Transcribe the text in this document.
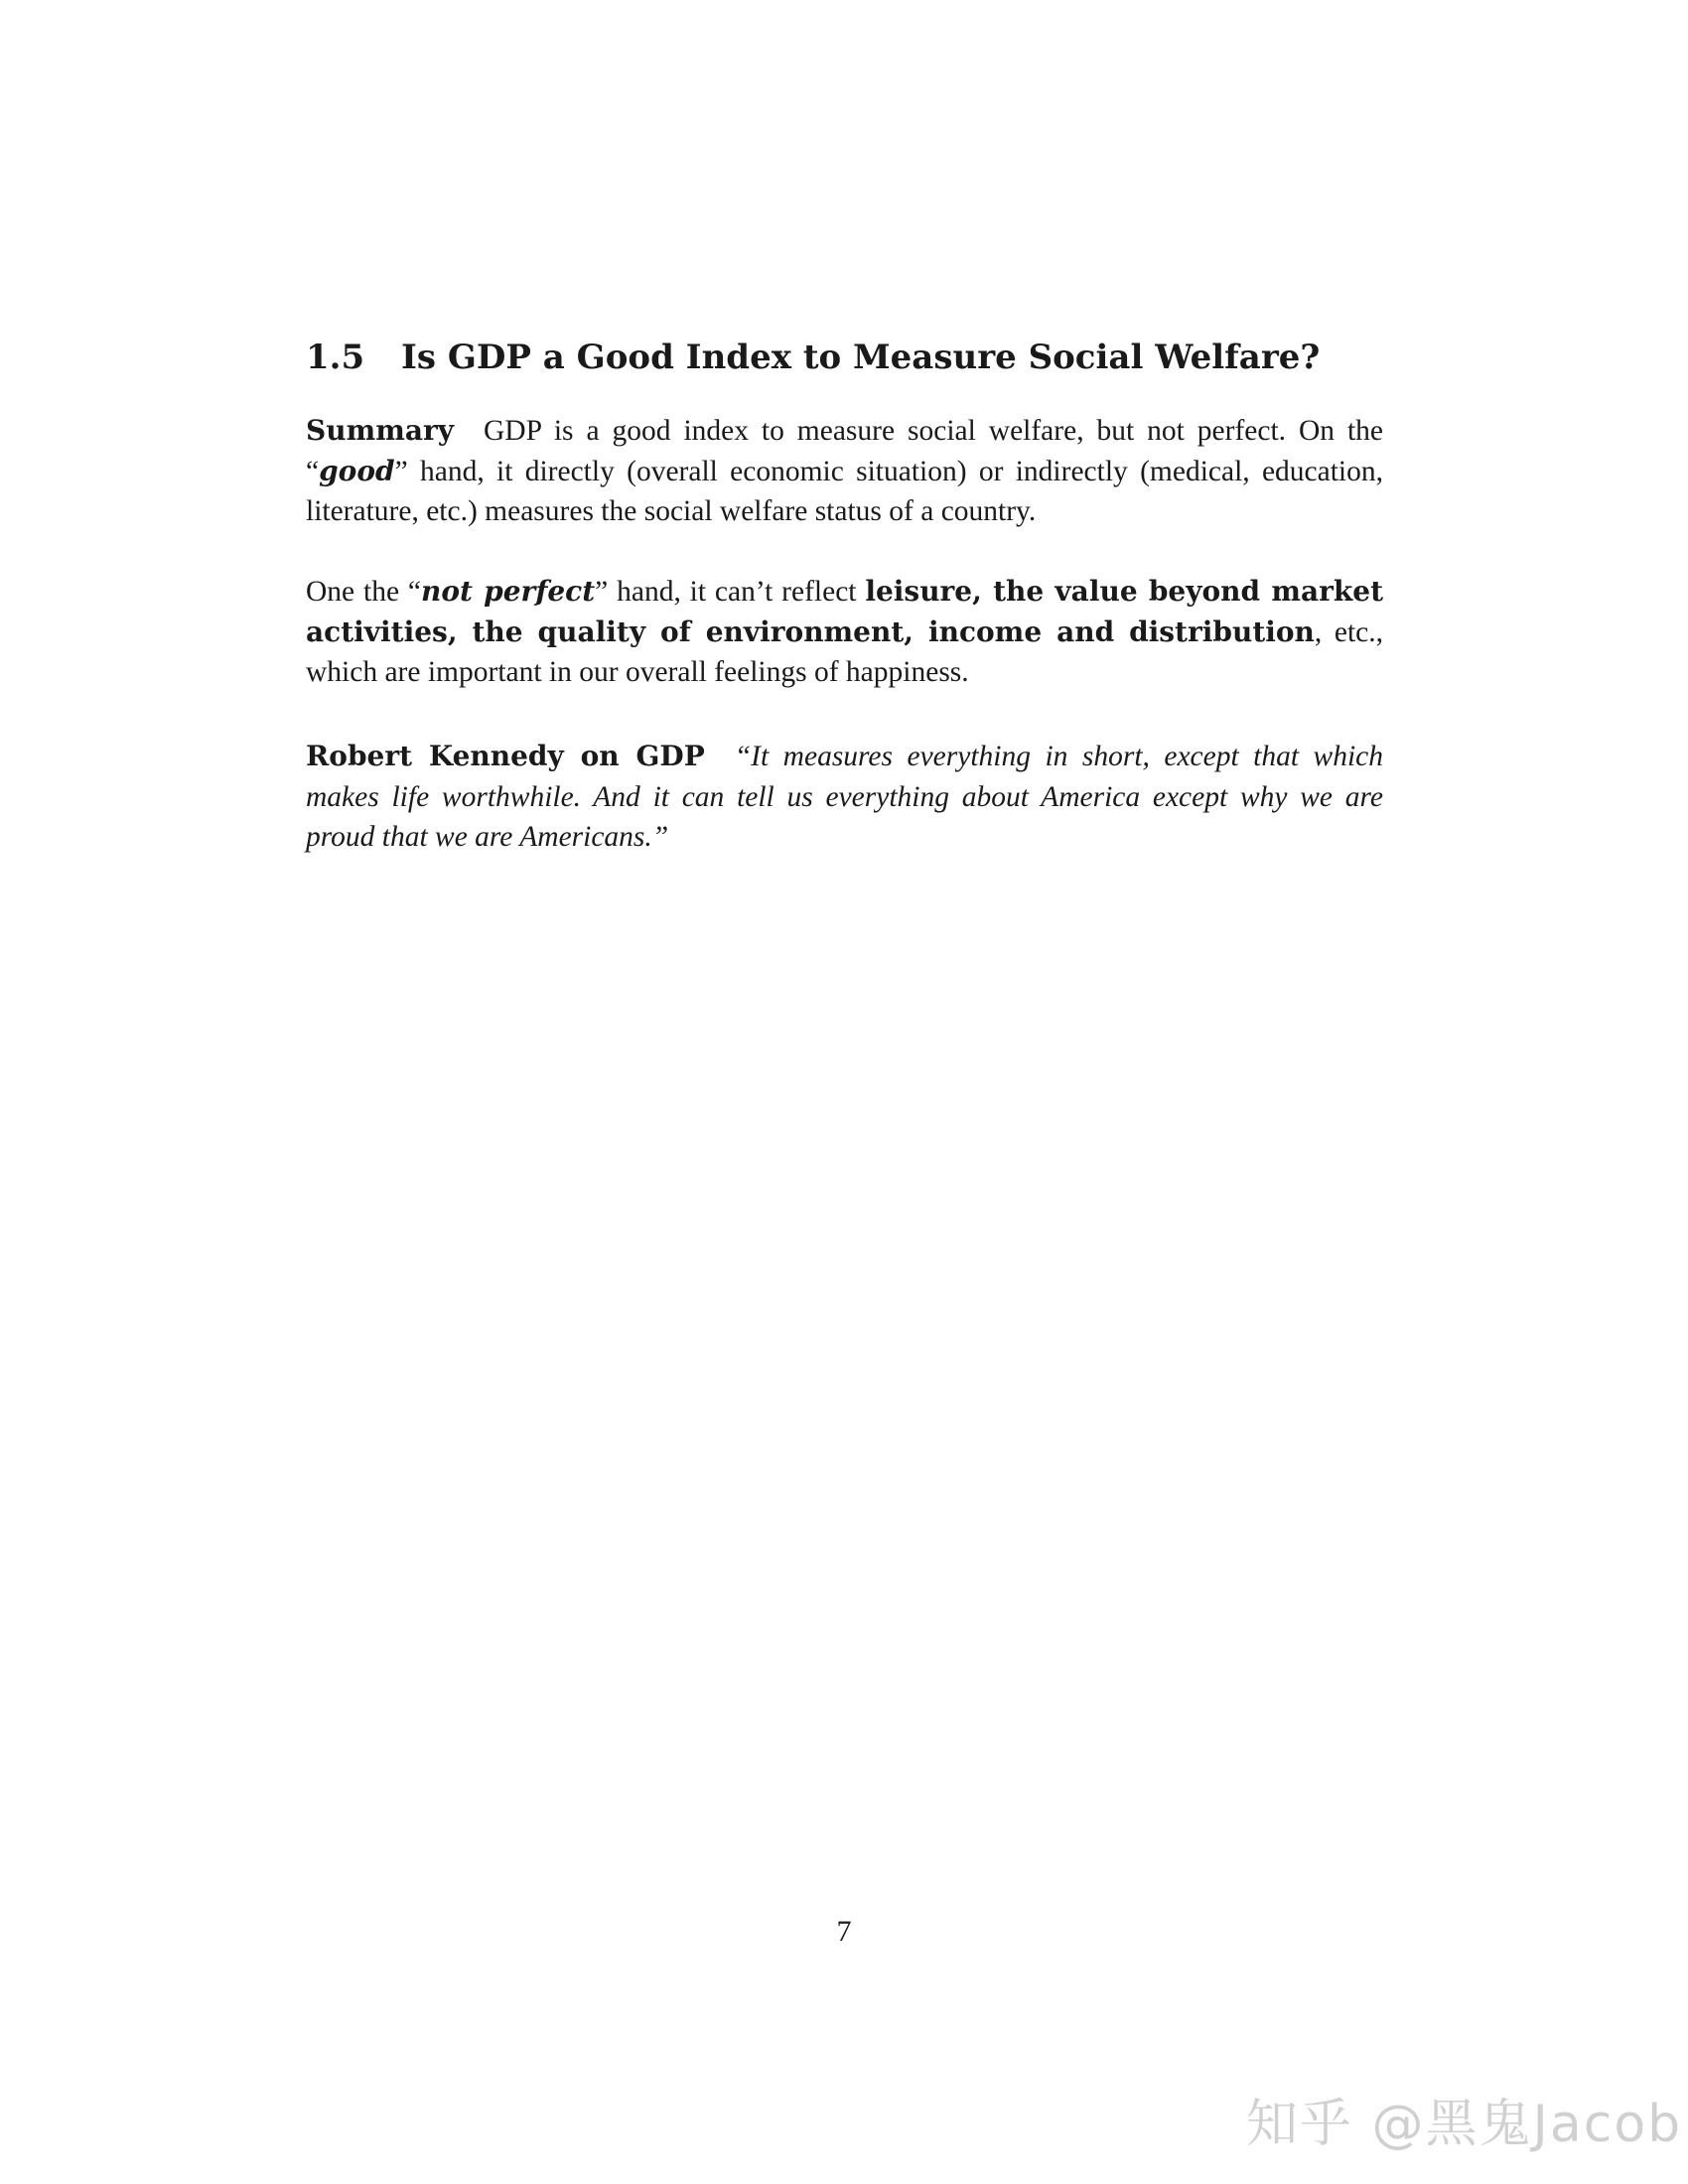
1.5 Is GDP a Good Index to Measure Social Welfare?

Summary GDP is a good index to measure social welfare, but not perfect. On the “good” hand, it directly (overall economic situation) or indirectly (medical, education, literature, etc.) measures the social welfare status of a country.

One the “not perfect” hand, it can’t reflect leisure, the value beyond market activities, the quality of environment, income and distribution, etc., which are important in our overall feelings of happiness.

Robert Kennedy on GDP “It measures everything in short, except that which makes life worthwhile. And it can tell us everything about America except why we are proud that we are Americans.”

7
知乎 @黑鬼Jacob
